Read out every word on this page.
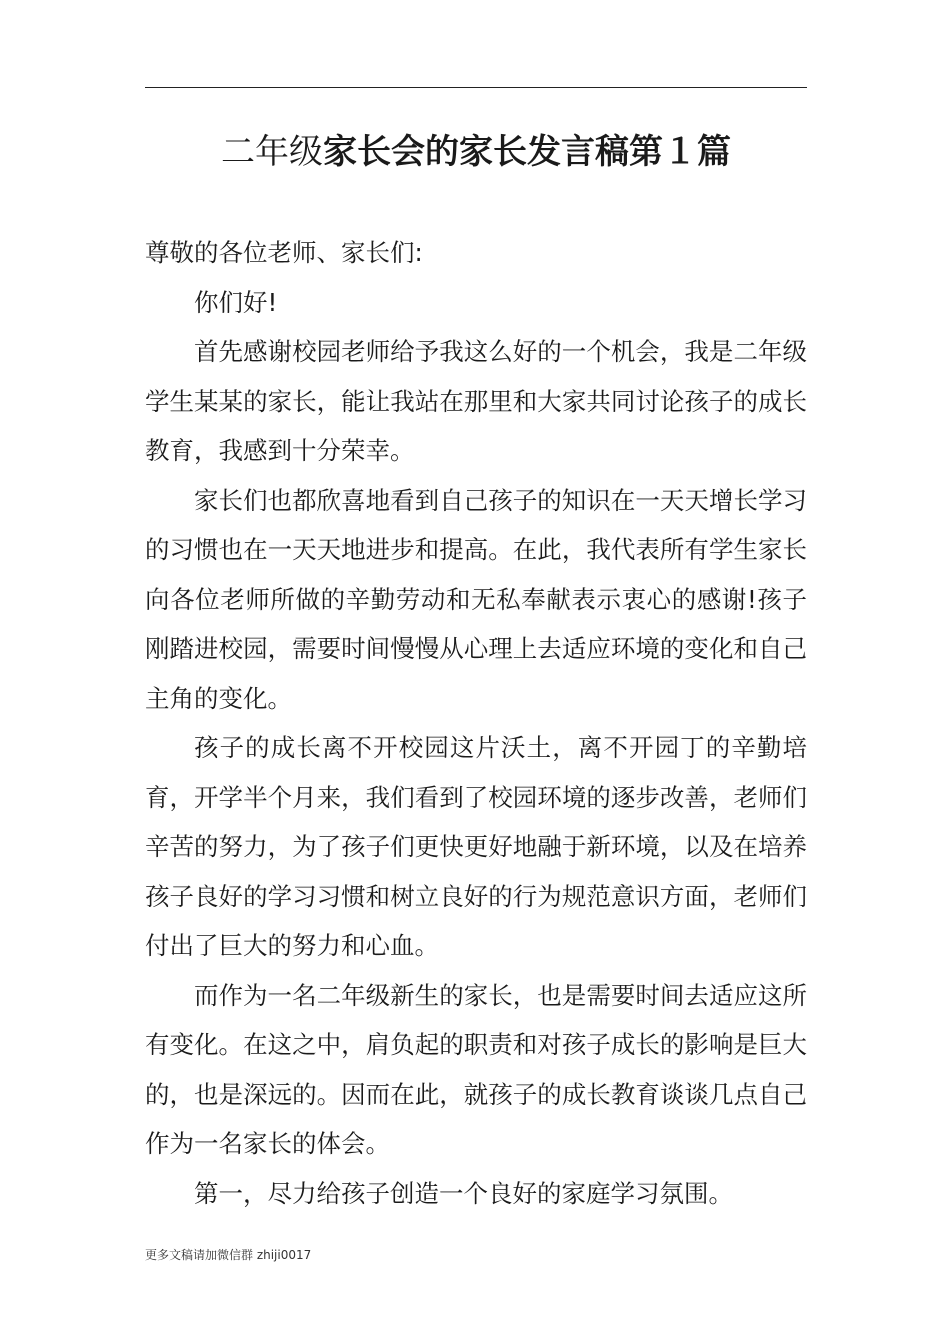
二年级家长会的家长发言稿第１篇

尊敬的各位老师、家长们:

你们好!

首先感谢校园老师给予我这么好的一个机会，我是二年级学生某某的家长，能让我站在那里和大家共同讨论孩子的成长教育，我感到十分荣幸。

家长们也都欣喜地看到自己孩子的知识在一天天增长学习的习惯也在一天天地进步和提高。在此，我代表所有学生家长向各位老师所做的辛勤劳动和无私奉献表示衷心的感谢!孩子刚踏进校园，需要时间慢慢从心理上去适应环境的变化和自己主角的变化。

孩子的成长离不开校园这片沃土，离不开园丁的辛勤培育，开学半个月来，我们看到了校园环境的逐步改善，老师们辛苦的努力，为了孩子们更快更好地融于新环境，以及在培养孩子良好的学习习惯和树立良好的行为规范意识方面，老师们付出了巨大的努力和心血。

而作为一名二年级新生的家长，也是需要时间去适应这所有变化。在这之中，肩负起的职责和对孩子成长的影响是巨大的，也是深远的。因而在此，就孩子的成长教育谈谈几点自己作为一名家长的体会。

第一，尽力给孩子创造一个良好的家庭学习氛围。

更多文稿请加微信群 zhiji0017
